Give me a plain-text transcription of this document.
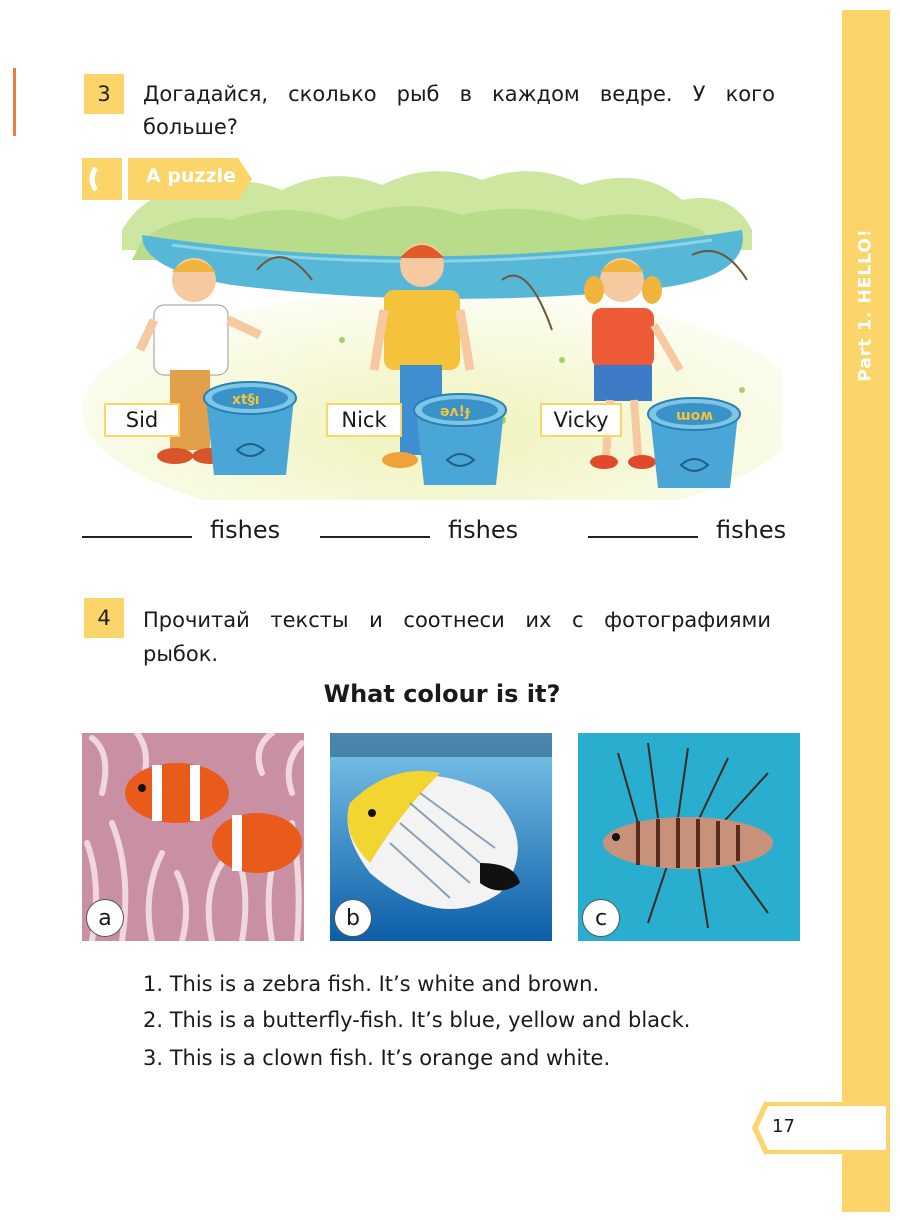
Part 1. HELLO!
3	Догадайся, сколько рыб в каждом ведре. У кого
больше?
xt§ı
ǝʌ!ɟ	ɯoʍ
A puzzle
Sid	Nick	Vicky
fishes	fishes	fishes
4	Прочитай тексты и соотнеси их с фотографиями
рыбок.
What colour is it?
a	b	c
1. This is a zebra fish. It’s white and brown.
2. This is a butterfly-fish. It’s blue, yellow and black.
3. This is a clown fish. It’s orange and white.
17
